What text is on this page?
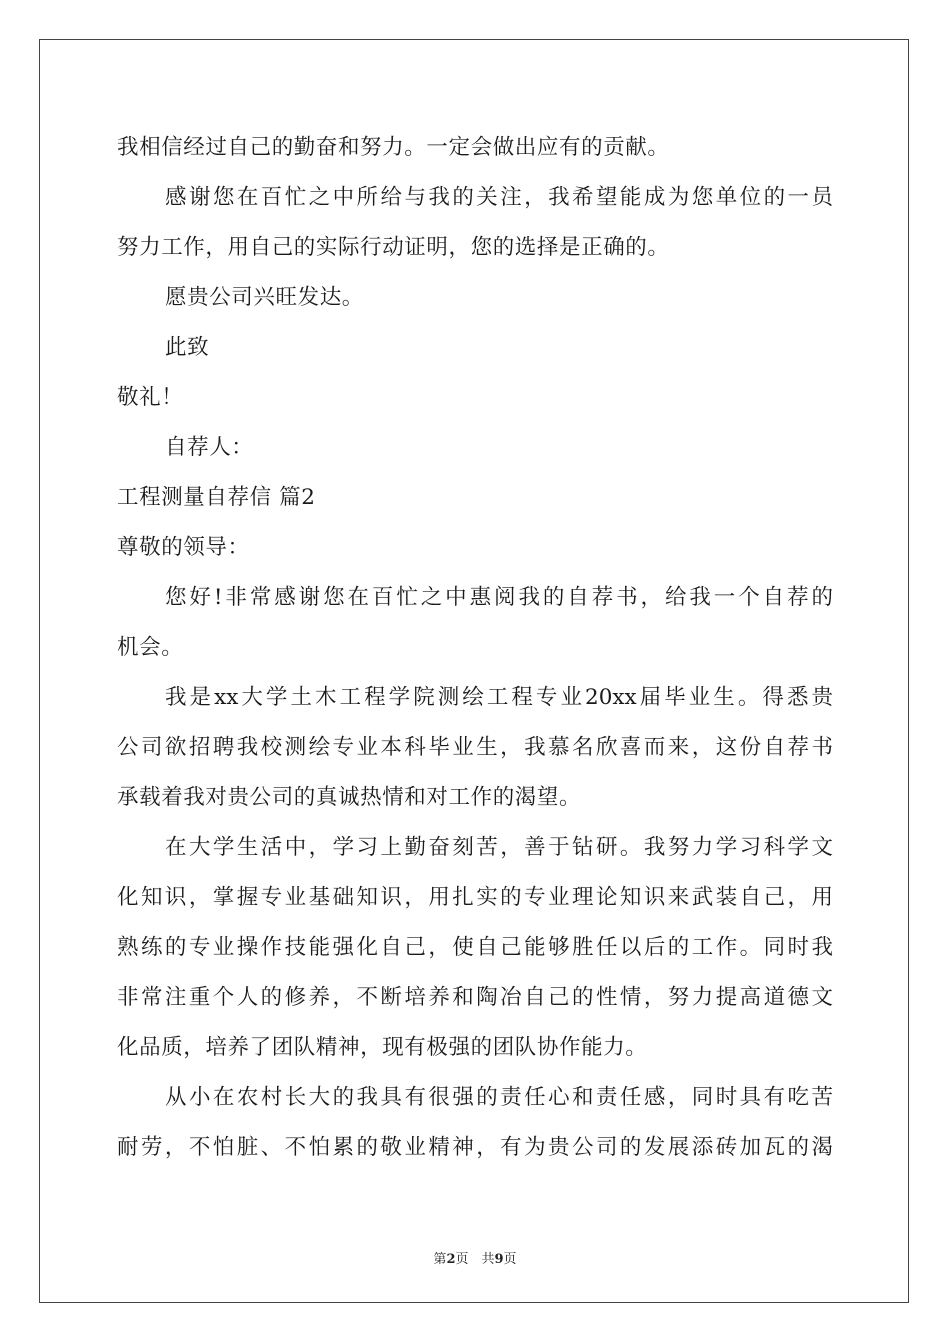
我相信经过自己的勤奋和努力。一定会做出应有的贡献。
感谢您在百忙之中所给与我的关注，我希望能成为您单位的一员
努力工作，用自己的实际行动证明，您的选择是正确的。
愿贵公司兴旺发达。
此致
敬礼！
自荐人：
工程测量自荐信 篇2
尊敬的领导：
您好!非常感谢您在百忙之中惠阅我的自荐书，给我一个自荐的
机会。
我是xx大学土木工程学院测绘工程专业20xx届毕业生。得悉贵
公司欲招聘我校测绘专业本科毕业生，我慕名欣喜而来，这份自荐书
承载着我对贵公司的真诚热情和对工作的渴望。
在大学生活中，学习上勤奋刻苦，善于钻研。我努力学习科学文
化知识，掌握专业基础知识，用扎实的专业理论知识来武装自己，用
熟练的专业操作技能强化自己，使自己能够胜任以后的工作。同时我
非常注重个人的修养，不断培养和陶冶自己的性情，努力提高道德文
化品质，培养了团队精神，现有极强的团队协作能力。
从小在农村长大的我具有很强的责任心和责任感，同时具有吃苦
耐劳，不怕脏、不怕累的敬业精神，有为贵公司的发展添砖加瓦的渴
第2页　共9页
